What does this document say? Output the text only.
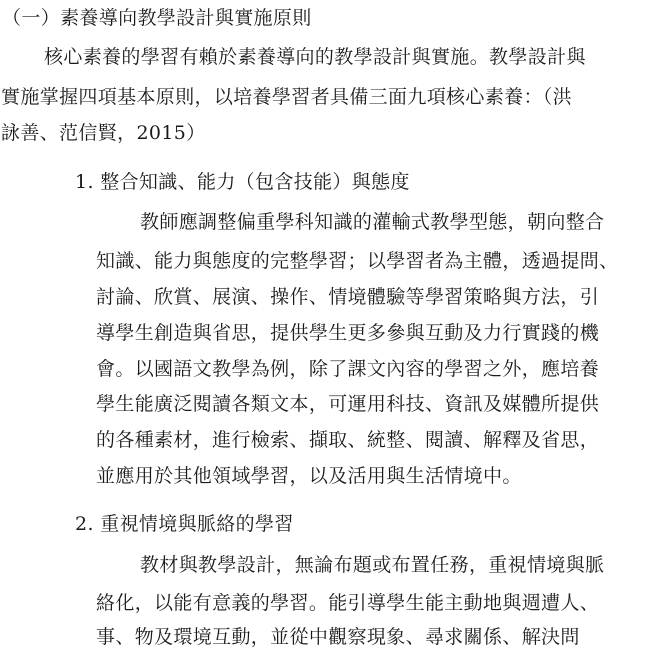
（一）素養導向教學設計與實施原則
核心素養的學習有賴於素養導向的教學設計與實施。教學設計與
實施掌握四項基本原則，以培養學習者具備三面九項核心素養：（洪
詠善、范信賢，2015）
1. 整合知識、能力（包含技能）與態度
教師應調整偏重學科知識的灌輸式教學型態，朝向整合
知識、能力與態度的完整學習；以學習者為主體，透過提問、
討論、欣賞、展演、操作、情境體驗等學習策略與方法，引
導學生創造與省思，提供學生更多參與互動及力行實踐的機
會。以國語文教學為例，除了課文內容的學習之外，應培養
學生能廣泛閱讀各類文本，可運用科技、資訊及媒體所提供
的各種素材，進行檢索、擷取、統整、閱讀、解釋及省思，
並應用於其他領域學習，以及活用與生活情境中。
2. 重視情境與脈絡的學習
教材與教學設計，無論布題或布置任務，重視情境與脈
絡化，以能有意義的學習。能引導學生能主動地與週遭人、
事、物及環境互動，並從中觀察現象、尋求關係、解決問
